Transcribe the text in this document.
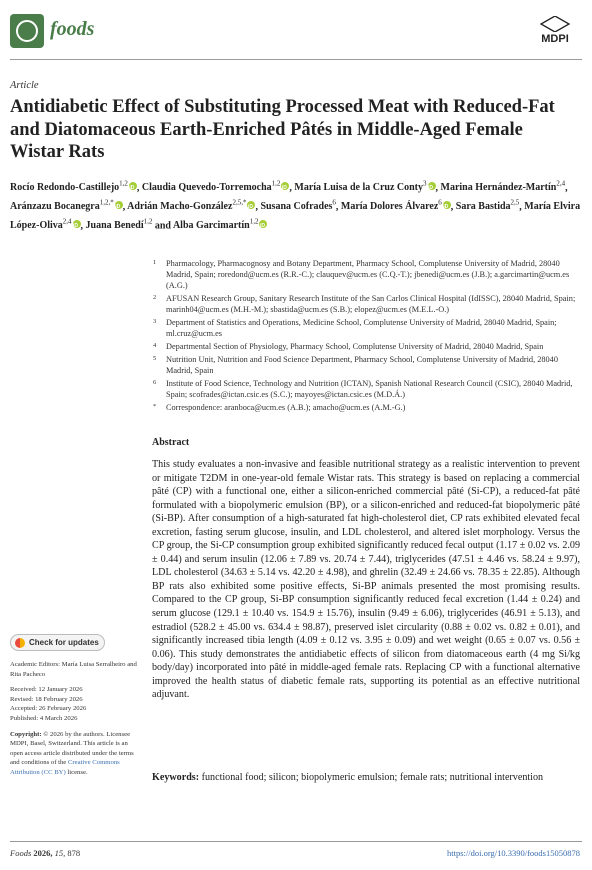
foods	MDPI
Article
Antidiabetic Effect of Substituting Processed Meat with Reduced-Fat and Diatomaceous Earth-Enriched Pâtés in Middle-Aged Female Wistar Rats
Rocío Redondo-Castillejo$^{1,2}$ iD , Claudia Quevedo-Torremocha$^{1,2}$ iD , María Luisa de la Cruz Conty$^3$ iD , Marina Hernández-Martín$^{2,4}$, Aránzazu Bocanegra$^{1,2,*}$ iD , Adrián Macho-González$^{2,5,*}$ iD , Susana Cofrades$^6$, María Dolores Álvarez$^6$ iD , Sara Bastida$^{2,5}$, María Elvira López-Oliva$^{2,4}$ iD , Juana Benedí$^{1,2}$ and Alba Garcimartín$^{1,2}$iD
1 Pharmacology, Pharmacognosy and Botany Department, Pharmacy School, Complutense University of Madrid, 28040 Madrid, Spain; roredond@ucm.es (R.R.-C.); clauquev@ucm.es (C.Q.-T.); jbenedi@ucm.es (J.B.); a.garcimartin@ucm.es (A.G.)
2 AFUSAN Research Group, Sanitary Research Institute of the San Carlos Clinical Hospital (IdISSC), 28040 Madrid, Spain; marinh04@ucm.es (M.H.-M.); sbastida@ucm.es (S.B.); elopez@ucm.es (M.E.L.-O.)
3 Department of Statistics and Operations, Medicine School, Complutense University of Madrid, 28040 Madrid, Spain; ml.cruz@ucm.es
4 Departmental Section of Physiology, Pharmacy School, Complutense University of Madrid, 28040 Madrid, Spain
5 Nutrition Unit, Nutrition and Food Science Department, Pharmacy School, Complutense University of Madrid, 28040 Madrid, Spain
6 Institute of Food Science, Technology and Nutrition (ICTAN), Spanish National Research Council (CSIC), 28040 Madrid, Spain; scofrades@ictan.csic.es (S.C.); mayoyes@ictan.csic.es (M.D.Á.)
* Correspondence: aranboca@ucm.es (A.B.); amacho@ucm.es (A.M.-G.)
Abstract
This study evaluates a non-invasive and feasible nutritional strategy as a realistic intervention to prevent or mitigate T2DM in one-year-old female Wistar rats. This strategy is based on replacing a commercial pâté (CP) with a functional one, either a silicon-enriched commercial pâté (Si-CP), a reduced-fat pâté formulated with a biopolymeric emulsion (BP), or a silicon-enriched and reduced-fat biopolymeric pâté (Si-BP). After consumption of a high-saturated fat high-cholesterol diet, CP rats exhibited elevated fecal excretion, fasting serum glucose, insulin, and LDL cholesterol, and altered islet morphology. Versus the CP group, the Si-CP consumption group exhibited significantly reduced fecal output (1.17 ± 0.02 vs. 2.09 ± 0.44) and serum insulin (12.06 ± 7.89 vs. 20.74 ± 7.44), triglycerides (47.51 ± 4.46 vs. 58.24 ± 9.97), LDL cholesterol (34.63 ± 5.14 vs. 42.20 ± 4.98), and ghrelin (32.49 ± 24.66 vs. 78.35 ± 22.85). Although BP rats also exhibited some positive effects, Si-BP animals presented the most promising results. Compared to the CP group, Si-BP consumption significantly reduced fecal excretion (1.44 ± 0.24) and serum glucose (129.1 ± 10.40 vs. 154.9 ± 15.76), insulin (9.49 ± 6.06), triglycerides (46.91 ± 5.13), and estradiol (528.2 ± 45.00 vs. 634.4 ± 98.87), preserved islet circularity (0.88 ± 0.02 vs. 0.82 ± 0.01), and significantly increased tibia length (4.09 ± 0.12 vs. 3.95 ± 0.09) and wet weight (0.65 ± 0.07 vs. 0.56 ± 0.06). This study demonstrates the antidiabetic effects of silicon from diatomaceous earth (4 mg Si/kg body/day) incorporated into pâté in middle-aged female rats. Replacing CP with a functional alternative improved the health status of diabetic female rats, supporting its potential as an effective nutritional adjuvant.
Keywords: functional food; silicon; biopolymeric emulsion; female rats; nutritional intervention
Check for updates
Academic Editors: María Luisa Serralheiro and Rita Pacheco
Received: 12 January 2026
Revised: 18 February 2026
Accepted: 26 February 2026
Published: 4 March 2026
Copyright: © 2026 by the authors. Licensee MDPI, Basel, Switzerland. This article is an open access article distributed under the terms and conditions of the Creative Commons Attribution (CC BY) license.
Foods 2026, 15, 878	https://doi.org/10.3390/foods15050878
